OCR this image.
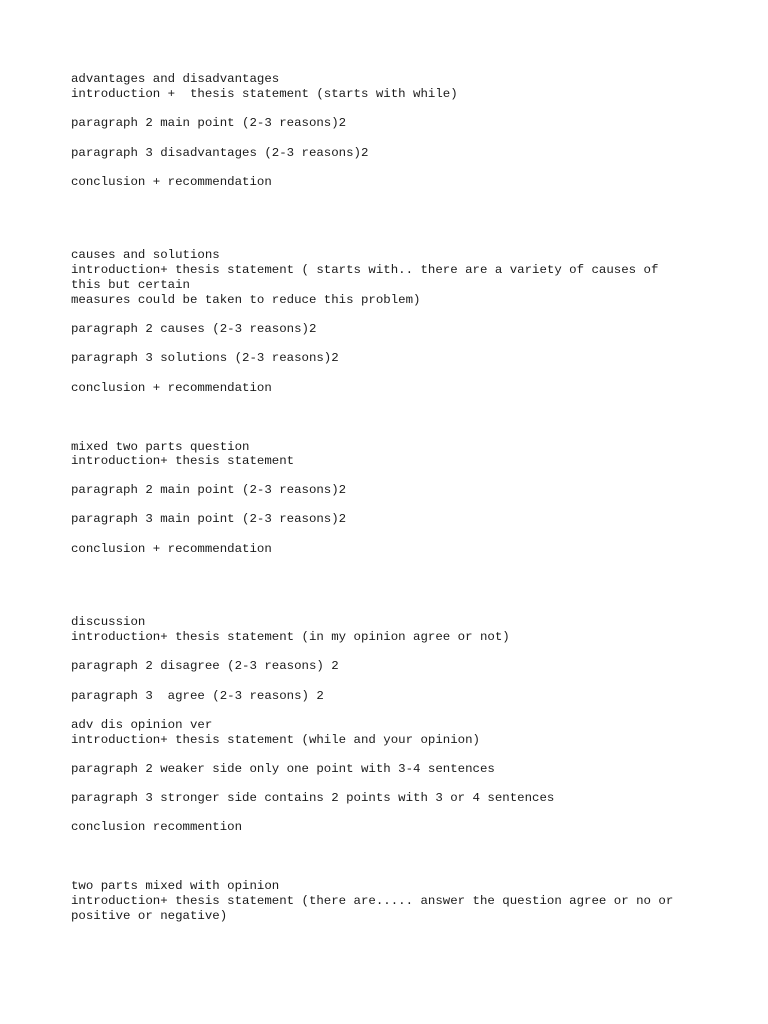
advantages and disadvantages

introduction +  thesis statement (starts with while)

paragraph 2 main point (2-3 reasons)2

paragraph 3 disadvantages (2-3 reasons)2

conclusion + recommendation

causes and solutions

introduction+ thesis statement ( starts with.. there are a variety of causes of

this but certain

measures could be taken to reduce this problem)

paragraph 2 causes (2-3 reasons)2

paragraph 3 solutions (2-3 reasons)2

conclusion + recommendation

mixed two parts question

introduction+ thesis statement

paragraph 2 main point (2-3 reasons)2

paragraph 3 main point (2-3 reasons)2

conclusion + recommendation

discussion

introduction+ thesis statement (in my opinion agree or not)

paragraph 2 disagree (2-3 reasons) 2

paragraph 3  agree (2-3 reasons) 2

adv dis opinion ver

introduction+ thesis statement (while and your opinion)

paragraph 2 weaker side only one point with 3-4 sentences

paragraph 3 stronger side contains 2 points with 3 or 4 sentences

conclusion recommention

two parts mixed with opinion

introduction+ thesis statement (there are..... answer the question agree or no or

positive or negative)
